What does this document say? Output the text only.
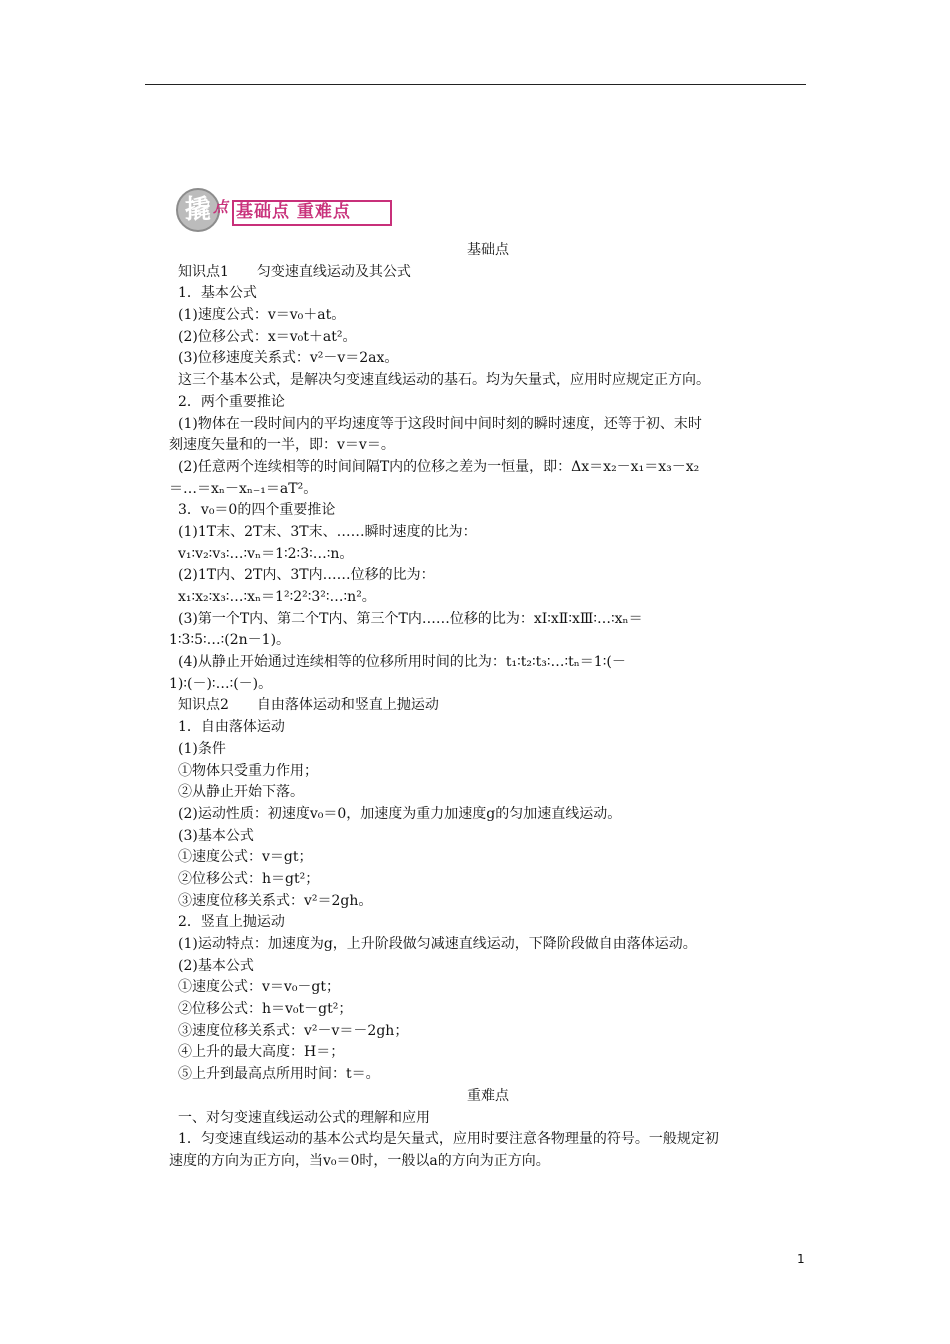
撬 点 基础点 重难点
基础点
知识点1　　匀变速直线运动及其公式
1．基本公式
(1)速度公式：v＝v₀＋at。
(2)位移公式：x＝v₀t＋at²。
(3)位移速度关系式：v²－v＝2ax。
这三个基本公式，是解决匀变速直线运动的基石。均为矢量式，应用时应规定正方向。
2．两个重要推论
(1)物体在一段时间内的平均速度等于这段时间中间时刻的瞬时速度，还等于初、末时
刻速度矢量和的一半，即：v＝v＝。
(2)任意两个连续相等的时间间隔T内的位移之差为一恒量，即：Δx＝x₂－x₁＝x₃－x₂
＝…＝xₙ－xₙ₋₁＝aT²。
3．v₀＝0的四个重要推论
(1)1T末、2T末、3T末、……瞬时速度的比为：
v₁∶v₂∶v₃∶…∶vₙ＝1∶2∶3∶…∶n。
(2)1T内、2T内、3T内……位移的比为：
x₁∶x₂∶x₃∶…∶xₙ＝1²∶2²∶3²∶…∶n²。
(3)第一个T内、第二个T内、第三个T内……位移的比为：xⅠ∶xⅡ∶xⅢ∶…∶xₙ＝
1∶3∶5∶…∶(2n－1)。
(4)从静止开始通过连续相等的位移所用时间的比为：t₁∶t₂∶t₃∶…∶tₙ＝1∶(－
1)∶(－)∶…∶(－)。
知识点2　　自由落体运动和竖直上抛运动
1．自由落体运动
(1)条件
①物体只受重力作用；
②从静止开始下落。
(2)运动性质：初速度v₀＝0，加速度为重力加速度g的匀加速直线运动。
(3)基本公式
①速度公式：v＝gt；
②位移公式：h＝gt²；
③速度位移关系式：v²＝2gh。
2．竖直上抛运动
(1)运动特点：加速度为g，上升阶段做匀减速直线运动，下降阶段做自由落体运动。
(2)基本公式
①速度公式：v＝v₀－gt；
②位移公式：h＝v₀t－gt²；
③速度位移关系式：v²－v＝－2gh；
④上升的最大高度：H＝；
⑤上升到最高点所用时间：t＝。
重难点
一、对匀变速直线运动公式的理解和应用
1．匀变速直线运动的基本公式均是矢量式，应用时要注意各物理量的符号。一般规定初
速度的方向为正方向，当v₀＝0时，一般以a的方向为正方向。
1
